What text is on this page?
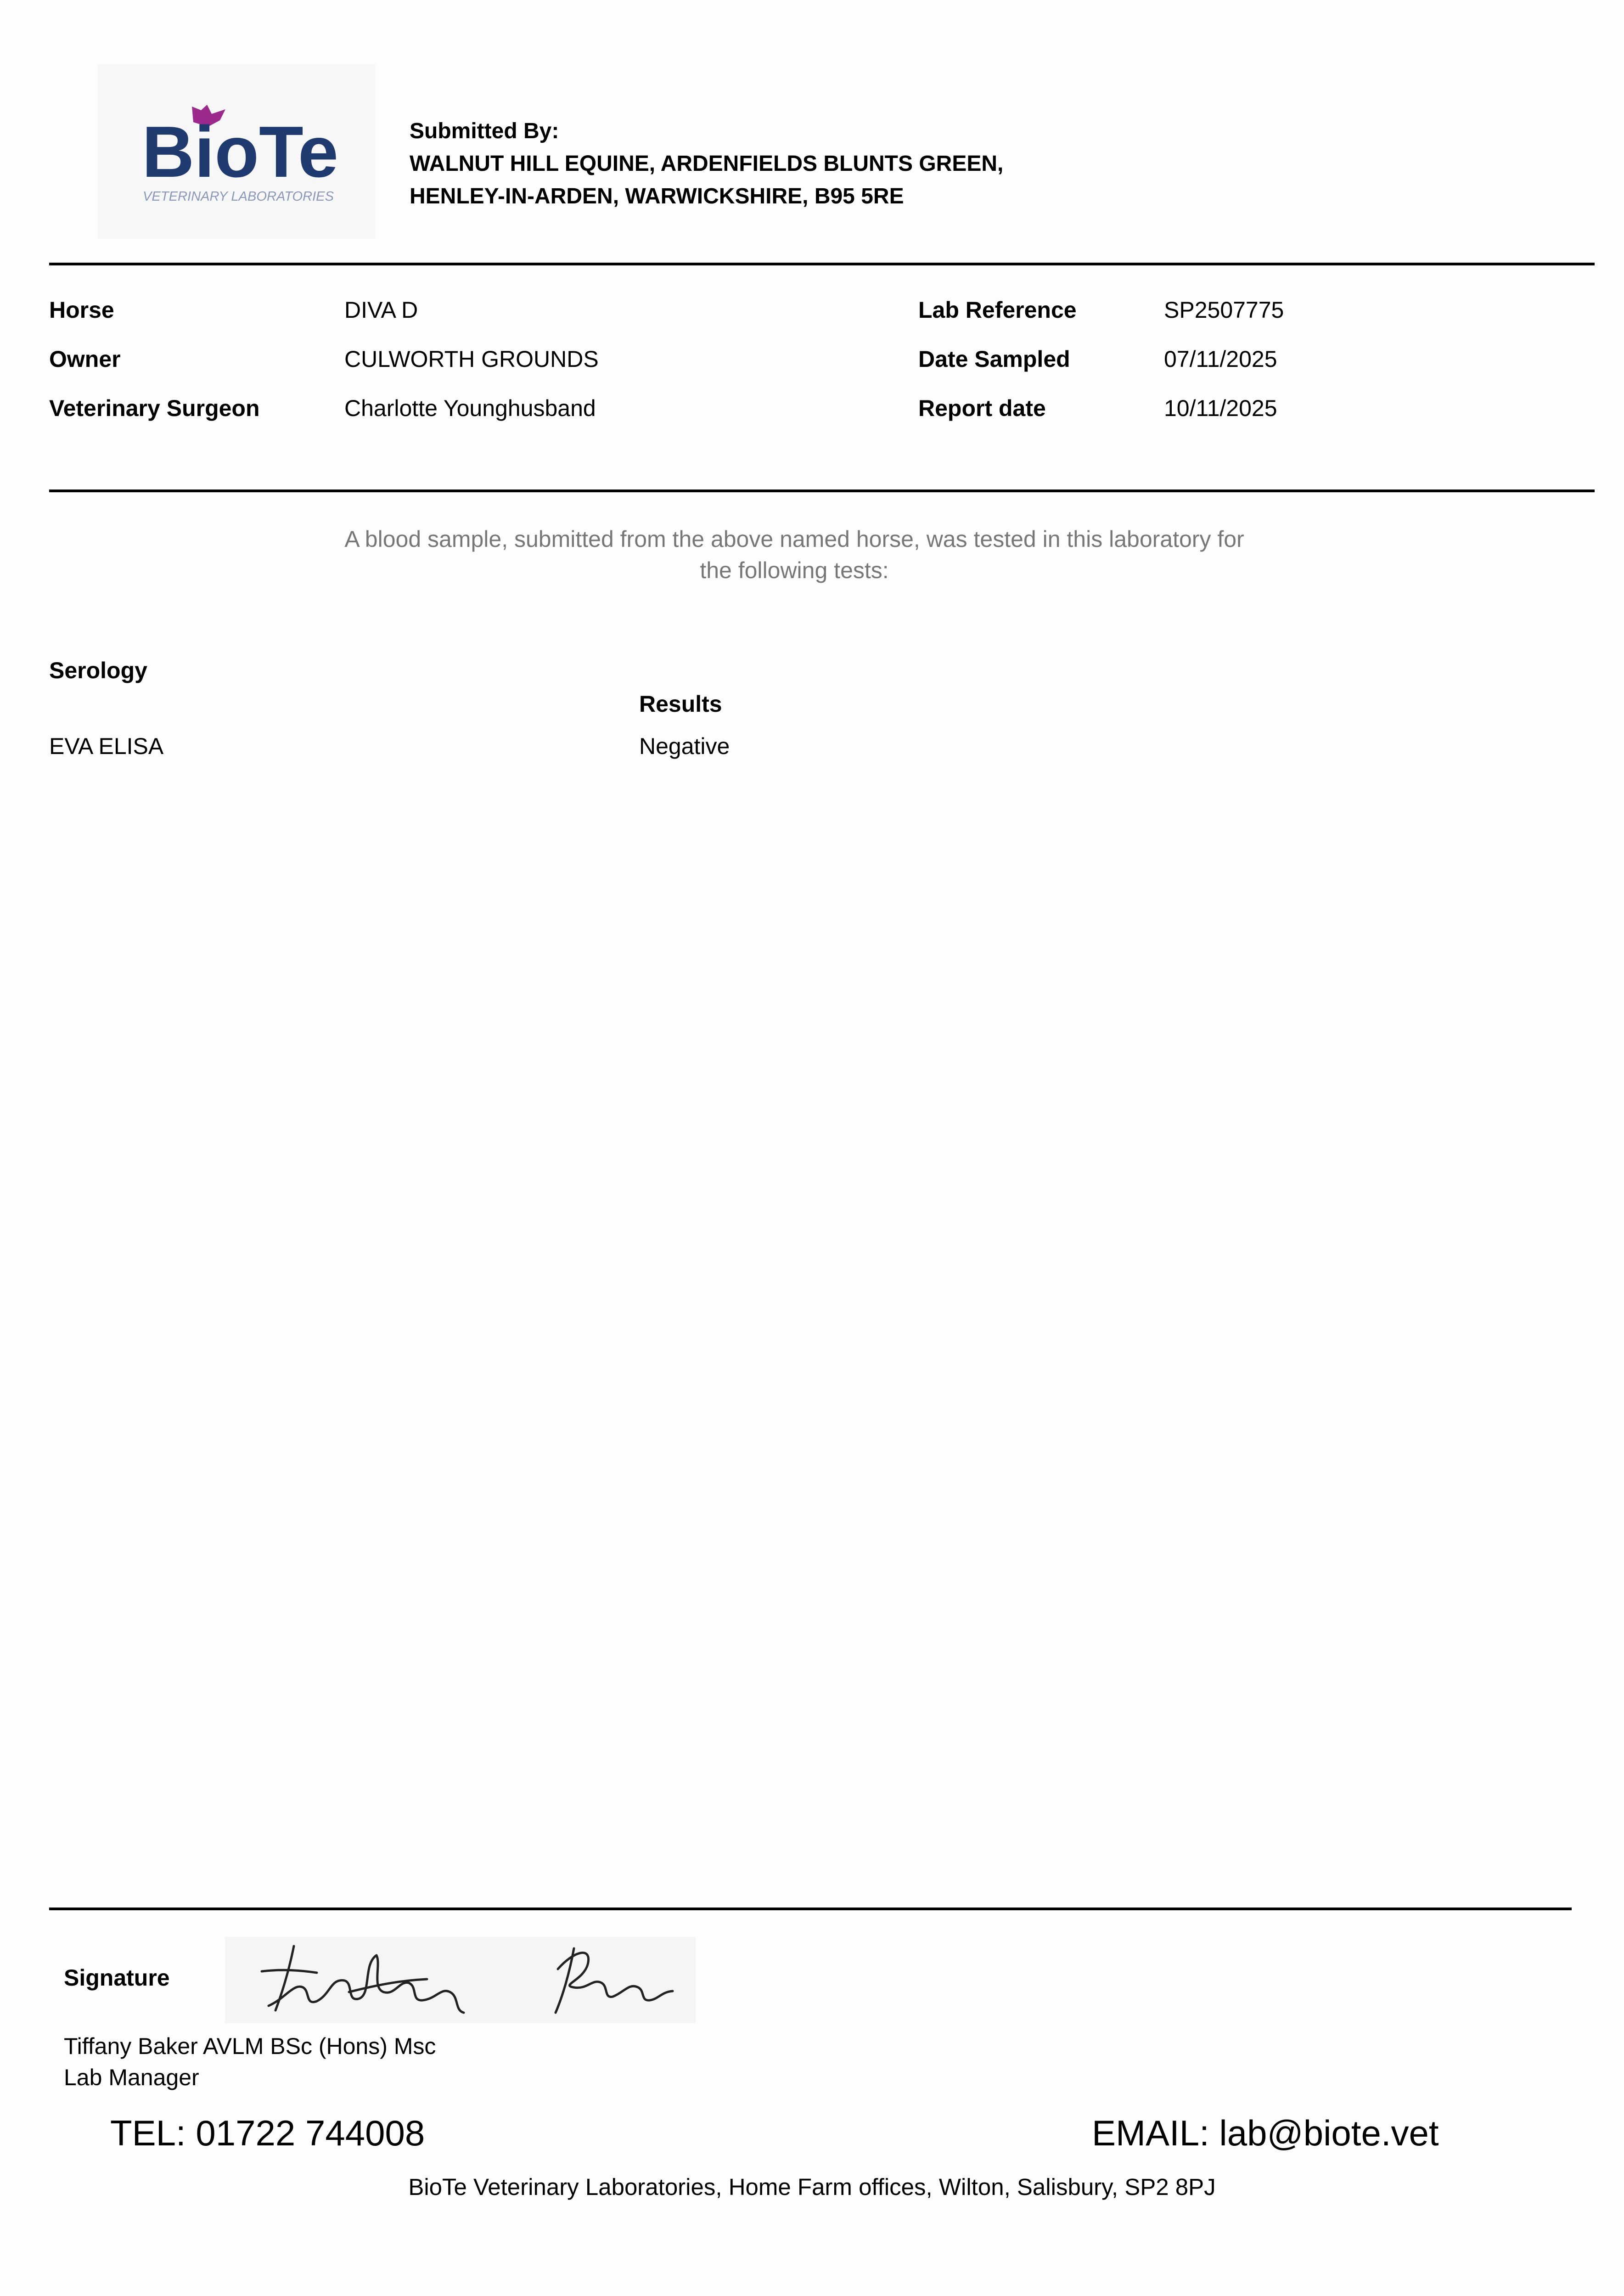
BioTe
VETERINARY LABORATORIES
Submitted By:
WALNUT HILL EQUINE, ARDENFIELDS BLUNTS GREEN,
HENLEY-IN-ARDEN, WARWICKSHIRE, B95 5RE
Horse	DIVA D
Owner	CULWORTH GROUNDS
Veterinary Surgeon	Charlotte Younghusband
Lab Reference	SP2507775
Date Sampled	07/11/2025
Report date	10/11/2025
A blood sample, submitted from the above named horse, was tested in this laboratory for
the following tests:
Serology
Results
EVA ELISA	Negative
Signature
Tiffany Baker AVLM BSc (Hons) Msc
Lab Manager
TEL: 01722 744008	EMAIL: lab@biote.vet
BioTe Veterinary Laboratories, Home Farm offices, Wilton, Salisbury, SP2 8PJ
